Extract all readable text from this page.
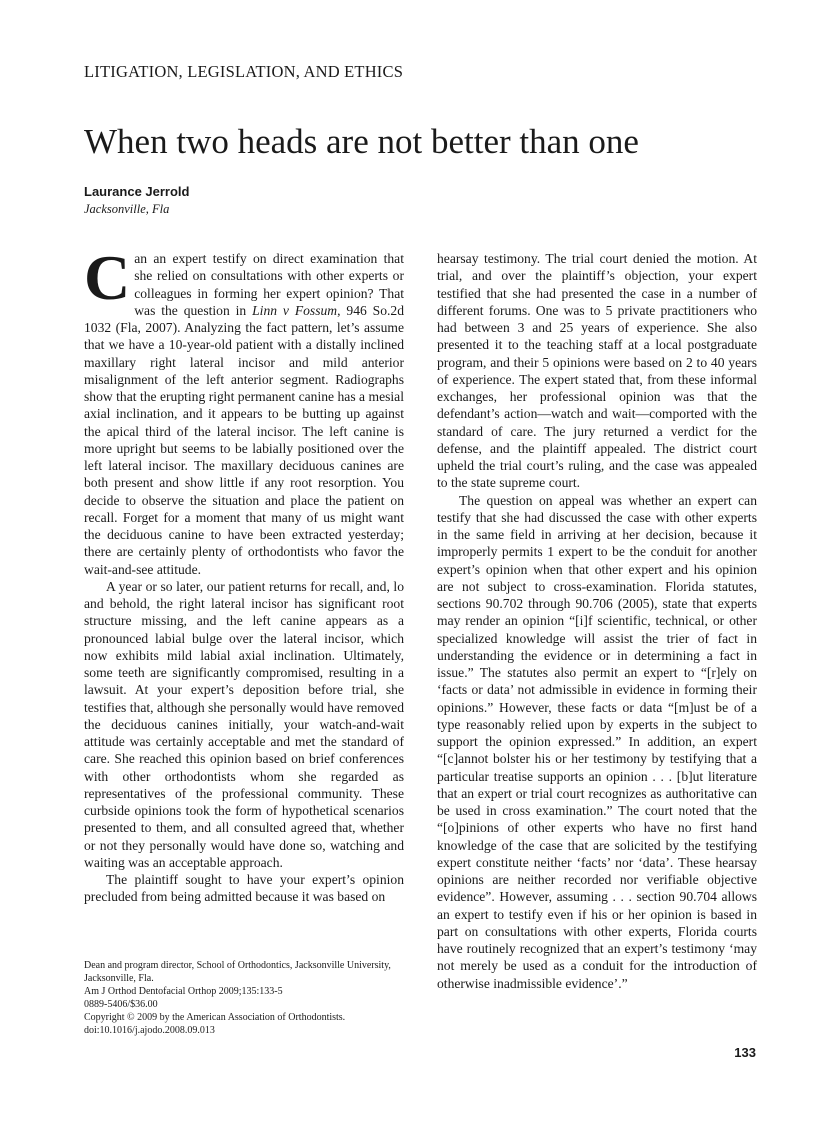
LITIGATION, LEGISLATION, AND ETHICS
When two heads are not better than one
Laurance Jerrold
Jacksonville, Fla

Can an expert testify on direct examination that she relied on consultations with other experts or colleagues in forming her expert opinion? That was the question in Linn v Fossum, 946 So.2d 1032 (Fla, 2007). Analyzing the fact pattern, let’s assume that we have a 10-year-old patient with a distally inclined maxillary right lateral incisor and mild anterior misalignment of the left anterior segment. Radiographs show that the erupting right permanent canine has a mesial axial inclination, and it appears to be butting up against the apical third of the lateral incisor. The left canine is more upright but seems to be labially positioned over the left lateral incisor. The maxillary deciduous canines are both present and show little if any root resorption. You decide to observe the situation and place the patient on recall. Forget for a moment that many of us might want the deciduous canine to have been extracted yesterday; there are certainly plenty of orthodontists who favor the wait-and-see attitude.

A year or so later, our patient returns for recall, and, lo and behold, the right lateral incisor has significant root structure missing, and the left canine appears as a pronounced labial bulge over the lateral incisor, which now exhibits mild labial axial inclination. Ultimately, some teeth are significantly compromised, resulting in a lawsuit. At your expert’s deposition before trial, she testifies that, although she personally would have removed the deciduous canines initially, your watch-and-wait attitude was certainly acceptable and met the standard of care. She reached this opinion based on brief conferences with other orthodontists whom she regarded as representatives of the professional community. These curbside opinions took the form of hypothetical scenarios presented to them, and all consulted agreed that, whether or not they personally would have done so, watching and waiting was an acceptable approach.

The plaintiff sought to have your expert’s opinion precluded from being admitted because it was based on

hearsay testimony. The trial court denied the motion. At trial, and over the plaintiff’s objection, your expert testified that she had presented the case in a number of different forums. One was to 5 private practitioners who had between 3 and 25 years of experience. She also presented it to the teaching staff at a local postgraduate program, and their 5 opinions were based on 2 to 40 years of experience. The expert stated that, from these informal exchanges, her professional opinion was that the defendant’s action—watch and wait—comported with the standard of care. The jury returned a verdict for the defense, and the plaintiff appealed. The district court upheld the trial court’s ruling, and the case was appealed to the state supreme court.

The question on appeal was whether an expert can testify that she had discussed the case with other experts in the same field in arriving at her decision, because it improperly permits 1 expert to be the conduit for another expert’s opinion when that other expert and his opinion are not subject to cross-examination. Florida statutes, sections 90.702 through 90.706 (2005), state that experts may render an opinion “[i]f scientific, technical, or other specialized knowledge will assist the trier of fact in understanding the evidence or in determining a fact in issue.” The statutes also permit an expert to “[r]ely on ‘facts or data’ not admissible in evidence in forming their opinions.” However, these facts or data “[m]ust be of a type reasonably relied upon by experts in the subject to support the opinion expressed.” In addition, an expert “[c]annot bolster his or her testimony by testifying that a particular treatise supports an opinion . . . [b]ut literature that an expert or trial court recognizes as authoritative can be used in cross examination.” The court noted that the “[o]pinions of other experts who have no first hand knowledge of the case that are solicited by the testifying expert constitute neither ‘facts’ nor ‘data’. These hearsay opinions are neither recorded nor verifiable objective evidence”. However, assuming . . . section 90.704 allows an expert to testify even if his or her opinion is based in part on consultations with other experts, Florida courts have routinely recognized that an expert’s testimony ‘may not merely be used as a conduit for the introduction of otherwise inadmissible evidence’.”

Dean and program director, School of Orthodontics, Jacksonville University, Jacksonville, Fla.
Am J Orthod Dentofacial Orthop 2009;135:133-5
0889-5406/$36.00
Copyright © 2009 by the American Association of Orthodontists.
doi:10.1016/j.ajodo.2008.09.013
133
